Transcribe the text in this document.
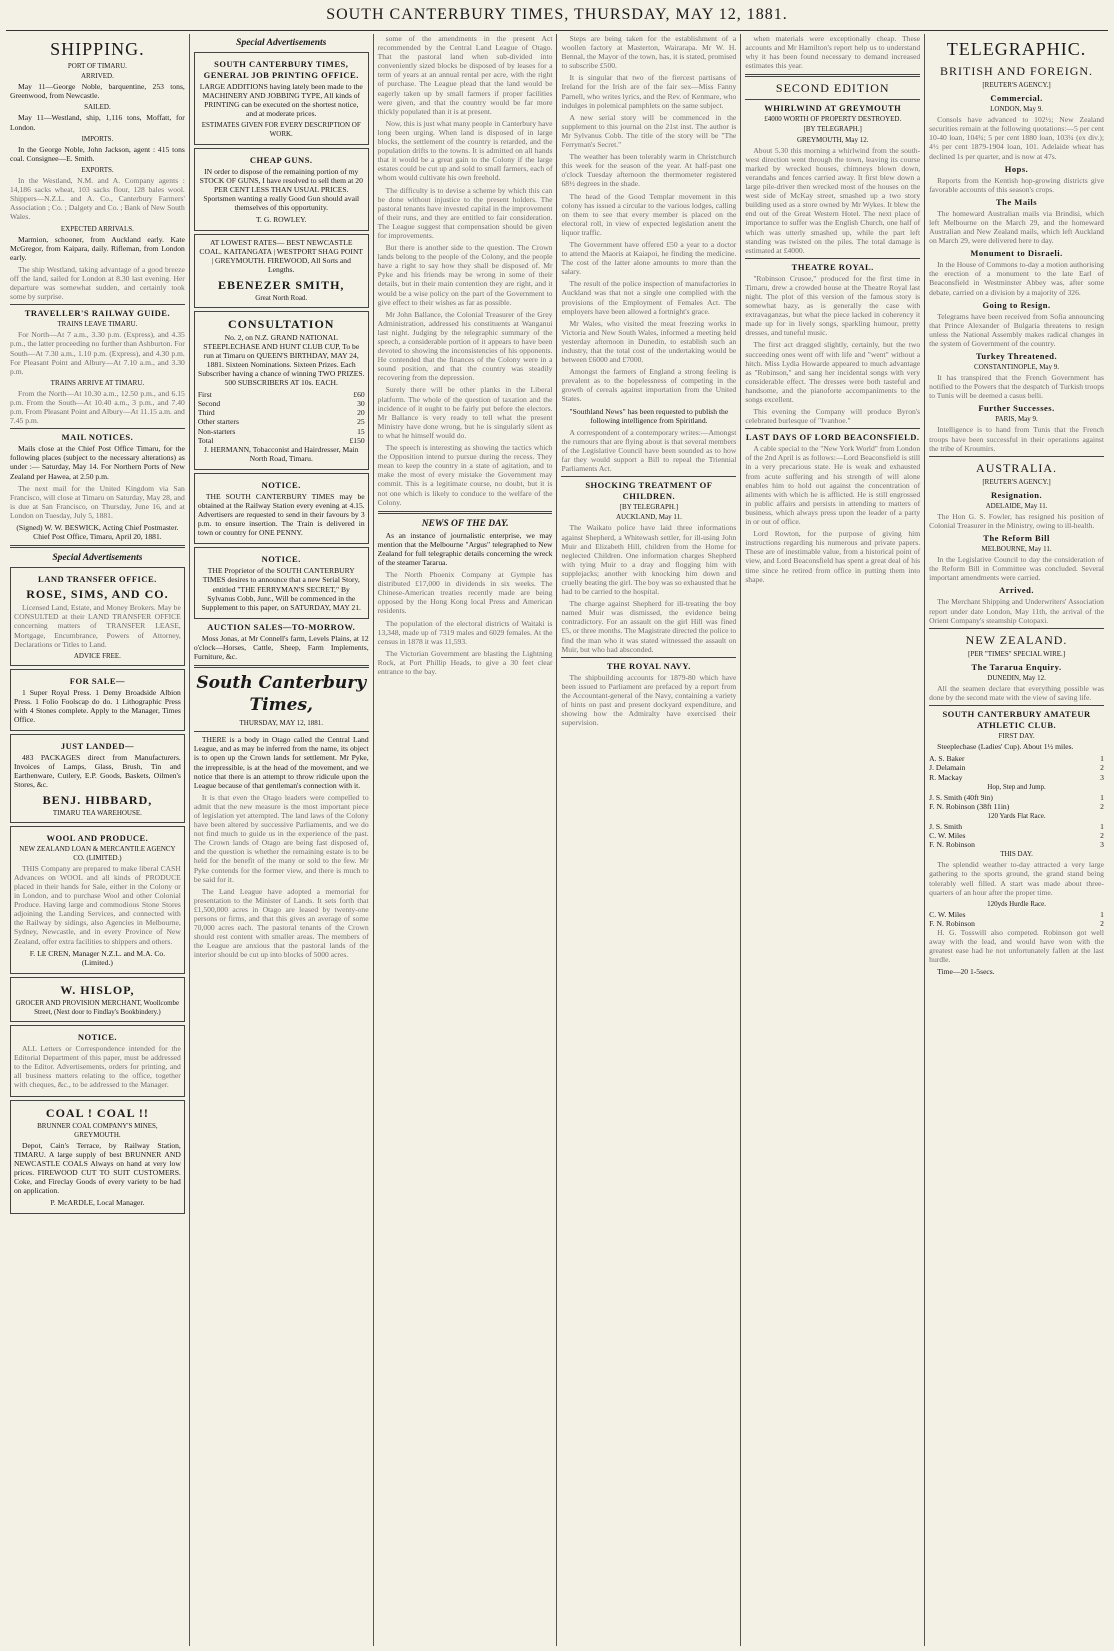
SOUTH CANTERBURY TIMES, THURSDAY, MAY 12, 1881.
SHIPPING.
PORT OF TIMARU.
ARRIVED.

May 11—George Noble, barquentine, 253 tons, Greenwood, from Newcastle.

SAILED.

May 11—Westland, ship, 1,116 tons, Moffatt, for London.

IMPORTS.

In the George Noble, John Jackson, agent : 415 tons coal. Consignee—E. Smith.

EXPORTS.

In the Westland, N.M. and A. Company agents : 14,186 sacks wheat, 103 sacks flour, 128 bales wool. Shippers—N.Z.L. and A. Co., Canterbury Farmers' Association ; Co. ; Dalgety and Co. ; Bank of New South Wales.

EXPECTED ARRIVALS.

Marmion, schooner, from Auckland early. Kate McGregor, from Kaipara, daily. Rifleman, from London early.

The ship Westland, taking advantage of a good breeze off the land, sailed for London at 8.30 last evening. Her departure was somewhat sudden, and certainly took some by surprise.

TRAVELLER'S RAILWAY GUIDE.
TRAINS LEAVE TIMARU.

For North—At 7 a.m., 3.30 p.m. (Express), and 4.35 p.m., the latter proceeding no further than Ashburton. For South—At 7.30 a.m., 1.10 p.m. (Express), and 4.30 p.m. For Pleasant Point and Albury—At 7.10 a.m., and 3.30 p.m.

TRAINS ARRIVE AT TIMARU.

From the North—At 10.30 a.m., 12.50 p.m., and 6.15 p.m. From the South—At 10.40 a.m., 3 p.m., and 7.40 p.m. From Pleasant Point and Albury—At 11.15 a.m. and 7.45 p.m.

MAIL NOTICES.

Mails close at the Chief Post Office Timaru, for the following places (subject to the necessary alterations) as under :— Saturday, May 14. For Northern Ports of New Zealand per Hawea, at 2.50 p.m.

The next mail for the United Kingdom via San Francisco, will close at Timaru on Saturday, May 28, and is due at San Francisco, on Thursday, June 16, and at London on Tuesday, July 5, 1881.

(Signed) W. W. BESWICK, Acting Chief Postmaster. Chief Post Office, Timaru, April 20, 1881.

Special Advertisements
LAND TRANSFER OFFICE.
ROSE, SIMS, AND CO.

Licensed Land, Estate, and Money Brokers. May be CONSULTED at their LAND TRANSFER OFFICE concerning matters of TRANSFER LEASE, Mortgage, Encumbrance, Powers of Attorney, Declarations or Titles to Land.

ADVICE FREE.
FOR SALE—

1 Super Royal Press. 1 Demy Broadside Albion Press. 1 Folio Foolscap do do. 1 Lithographic Press with 4 Stones complete. Apply to the Manager, Times Office.

JUST LANDED—

483 PACKAGES direct from Manufacturers. Invoices of Lamps, Glass, Brush, Tin and Earthenware, Cutlery, E.P. Goods, Baskets, Oilmen's Stores, &c.

BENJ. HIBBARD,
TIMARU TEA WAREHOUSE.
WOOL AND PRODUCE.
NEW ZEALAND LOAN & MERCANTILE AGENCY CO. (LIMITED.)

THIS Company are prepared to make liberal CASH Advances on WOOL and all kinds of PRODUCE placed in their hands for Sale, either in the Colony or in London, and to purchase Wool and other Colonial Produce. Having large and commodious Stone Stores adjoining the Landing Services, and connected with the Railway by sidings, also Agencies in Melbourne, Sydney, Newcastle, and in every Province of New Zealand, offer extra facilities to shippers and others.

F. LE CREN, Manager N.Z.L. and M.A. Co. (Limited.)

W. HISLOP,
GROCER AND PROVISION MERCHANT, Woollcombe Street, (Next door to Findlay's Bookbindery.)
NOTICE.

ALL Letters or Correspondence intended for the Editorial Department of this paper, must be addressed to the Editor. Advertisements, orders for printing, and all business matters relating to the office, together with cheques, &c., to be addressed to the Manager.

COAL ! COAL !!
BRUNNER COAL COMPANY'S MINES, GREYMOUTH.

Depot, Cain's Terrace, by Railway Station, TIMARU. A large supply of best BRUNNER AND NEWCASTLE COALS Always on hand at very low prices. FIREWOOD CUT TO SUIT CUSTOMERS. Coke, and Fireclay Goods of every variety to be had on application.

P. McARDLE, Local Manager.

Special Advertisements
SOUTH CANTERBURY TIMES, GENERAL JOB PRINTING OFFICE.

LARGE ADDITIONS having lately been made to the MACHINERY AND JOBBING TYPE, All kinds of PRINTING can be executed on the shortest notice, and at moderate prices.

ESTIMATES GIVEN FOR EVERY DESCRIPTION OF WORK.
CHEAP GUNS.

IN order to dispose of the remaining portion of my STOCK OF GUNS, I have resolved to sell them at 20 PER CENT LESS THAN USUAL PRICES. Sportsmen wanting a really Good Gun should avail themselves of this opportunity.

T. G. ROWLEY.

AT LOWEST RATES— BEST NEWCASTLE COAL. KAITANGATA | WESTPORT SHAG POINT | GREYMOUTH. FIREWOOD, All Sorts and Lengths.

EBENEZER SMITH,
Great North Road.
CONSULTATION

No. 2, on N.Z. GRAND NATIONAL STEEPLECHASE AND HUNT CLUB CUP, To be run at Timaru on QUEEN'S BIRTHDAY, MAY 24, 1881. Sixteen Nominations. Sixteen Prizes. Each Subscriber having a chance of winning TWO PRIZES. 500 SUBSCRIBERS AT 10s. EACH.

First	£60
Second	30
Third	20
Other starters	25
Non-starters	15
Total	£150

J. HERMANN, Tobacconist and Hairdresser, Main North Road, Timaru.

NOTICE.

THE SOUTH CANTERBURY TIMES may be obtained at the Railway Station every evening at 4.15. Advertisers are requested to send in their favours by 3 p.m. to ensure insertion. The Train is delivered in town or country for ONE PENNY.

NOTICE.

THE Proprietor of the SOUTH CANTERBURY TIMES desires to announce that a new Serial Story, entitled "THE FERRYMAN'S SECRET," By Sylvanus Cobb, Junr., Will be commenced in the Supplement to this paper, on SATURDAY, MAY 21.

AUCTION SALES—TO-MORROW.

Moss Jonas, at Mr Connell's farm, Levels Plains, at 12 o'clock—Horses, Cattle, Sheep, Farm Implements, Furniture, &c.

South Canterbury Times,
THURSDAY, MAY 12, 1881.

THERE is a body in Otago called the Central Land League, and as may be inferred from the name, its object is to open up the Crown lands for settlement. Mr Pyke, the irrepressible, is at the head of the movement, and we notice that there is an attempt to throw ridicule upon the League because of that gentleman's connection with it.

It is that even the Otago leaders were compelled to admit that the new measure is the most important piece of legislation yet attempted. The land laws of the Colony have been altered by successive Parliaments, and we do not find much to guide us in the experience of the past. The Crown lands of Otago are being fast disposed of, and the question is whether the remaining estate is to be held for the benefit of the many or sold to the few. Mr Pyke contends for the former view, and there is much to be said for it.

The Land League have adopted a memorial for presentation to the Minister of Lands. It sets forth that £1,500,000 acres in Otago are leased by twenty-one persons or firms, and that this gives an average of some 70,000 acres each. The pastoral tenants of the Crown should rest content with smaller areas. The members of the League are anxious that the pastoral lands of the interior should be cut up into blocks of 5000 acres.

some of the amendments in the present Act recommended by the Central Land League of Otago. That the pastoral land when sub-divided into conveniently sized blocks be disposed of by leases for a term of years at an annual rental per acre, with the right of purchase. The League plead that the land would be eagerly taken up by small farmers if proper facilities were given, and that the country would be far more thickly populated than it is at present.

Now, this is just what many people in Canterbury have long been urging. When land is disposed of in large blocks, the settlement of the country is retarded, and the population drifts to the towns. It is admitted on all hands that it would be a great gain to the Colony if the large estates could be cut up and sold to small farmers, each of whom would cultivate his own freehold.

The difficulty is to devise a scheme by which this can be done without injustice to the present holders. The pastoral tenants have invested capital in the improvement of their runs, and they are entitled to fair consideration. The League suggest that compensation should be given for improvements.

But there is another side to the question. The Crown lands belong to the people of the Colony, and the people have a right to say how they shall be disposed of. Mr Pyke and his friends may be wrong in some of their details, but in their main contention they are right, and it would be a wise policy on the part of the Government to give effect to their wishes as far as possible.

Mr John Ballance, the Colonial Treasurer of the Grey Administration, addressed his constituents at Wanganui last night. Judging by the telegraphic summary of the speech, a considerable portion of it appears to have been devoted to showing the inconsistencies of his opponents. He contended that the finances of the Colony were in a sound position, and that the country was steadily recovering from the depression.

Surely there will be other planks in the Liberal platform. The whole of the question of taxation and the incidence of it ought to be fairly put before the electors. Mr Ballance is very ready to tell what the present Ministry have done wrong, but he is singularly silent as to what he himself would do.

The speech is interesting as showing the tactics which the Opposition intend to pursue during the recess. They mean to keep the country in a state of agitation, and to make the most of every mistake the Government may commit. This is a legitimate course, no doubt, but it is not one which is likely to conduce to the welfare of the Colony.

NEWS OF THE DAY.

As an instance of journalistic enterprise, we may mention that the Melbourne "Argus" telegraphed to New Zealand for full telegraphic details concerning the wreck of the steamer Tararua.

The North Phoenix Company at Gympie has distributed £17,000 in dividends in six weeks. The Chinese-American treaties recently made are being opposed by the Hong Kong local Press and American residents.

The population of the electoral districts of Waitaki is 13,348, made up of 7319 males and 6029 females. At the census in 1878 it was 11,593.

The Victorian Government are blasting the Lightning Rock, at Port Phillip Heads, to give a 30 feet clear entrance to the bay.

Steps are being taken for the establishment of a woollen factory at Masterton, Wairarapa. Mr W. H. Bennal, the Mayor of the town, has, it is stated, promised to subscribe £500.

It is singular that two of the fiercest partisans of Ireland for the Irish are of the fair sex—Miss Fanny Parnell, who writes lyrics, and the Rev. of Kenmare, who indulges in polemical pamphlets on the same subject.

A new serial story will be commenced in the supplement to this journal on the 21st inst. The author is Mr Sylvanus Cobb. The title of the story will be "The Ferryman's Secret."

The weather has been tolerably warm in Christchurch this week for the season of the year. At half-past one o'clock Tuesday afternoon the thermometer registered 68½ degrees in the shade.

The head of the Good Templar movement in this colony has issued a circular to the various lodges, calling on them to see that every member is placed on the electoral roll, in view of expected legislation anent the liquor traffic.

The Government have offered £50 a year to a doctor to attend the Maoris at Kaiapoi, he finding the medicine. The cost of the latter alone amounts to more than the salary.

The result of the police inspection of manufactories in Auckland was that not a single one complied with the provisions of the Employment of Females Act. The employers have been allowed a fortnight's grace.

Mr Wales, who visited the meat freezing works in Victoria and New South Wales, informed a meeting held yesterday afternoon in Dunedin, to establish such an industry, that the total cost of the undertaking would be between £6000 and £7000.

Amongst the farmers of England a strong feeling is prevalent as to the hopelessness of competing in the growth of cereals against importation from the United States.

"Southland News" has been requested to publish the following intelligence from Spiritland.

A correspondent of a contemporary writes:—Amongst the rumours that are flying about is that several members of the Legislative Council have been sounded as to how far they would support a Bill to repeal the Triennial Parliaments Act.

SHOCKING TREATMENT OF CHILDREN.
[BY TELEGRAPH.]
AUCKLAND, May 11.

The Waikato police have laid three informations against Shepherd, a Whitewash settler, for ill-using John Muir and Elizabeth Hill, children from the Home for neglected Children. One information charges Shepherd with tying Muir to a dray and flogging him with supplejacks; another with knocking him down and cruelly beating the girl. The boy was so exhausted that he had to be carried to the hospital.

The charge against Shepherd for ill-treating the boy named Muir was dismissed, the evidence being contradictory. For an assault on the girl Hill was fined £5, or three months. The Magistrate directed the police to find the man who it was stated witnessed the assault on Muir, but who had absconded.

THE ROYAL NAVY.

The shipbuilding accounts for 1879-80 which have been issued to Parliament are prefaced by a report from the Accountant-general of the Navy, containing a variety of hints on past and present dockyard expenditure, and showing how the Admiralty have exercised their supervision.

when materials were exceptionally cheap. These accounts and Mr Hamilton's report help us to understand why it has been found necessary to demand increased estimates this year.

SECOND EDITION
WHIRLWIND AT GREYMOUTH
£4000 WORTH OF PROPERTY DESTROYED.
[BY TELEGRAPH.]
GREYMOUTH, May 12.

About 5.30 this morning a whirlwind from the south-west direction went through the town, leaving its course marked by wrecked houses, chimneys blown down, verandahs and fences carried away. It first blew down a large pile-driver then wrecked most of the houses on the west side of McKay street, smashed up a two story building used as a store owned by Mr Wykes. It blew the end out of the Great Western Hotel. The next place of importance to suffer was the English Church, one half of which was utterly smashed up, while the part left standing was twisted on the piles. The total damage is estimated at £4000.

THEATRE ROYAL.

"Robinson Crusoe," produced for the first time in Timaru, drew a crowded house at the Theatre Royal last night. The plot of this version of the famous story is somewhat hazy, as is generally the case with extravaganzas, but what the piece lacked in coherency it made up for in lively songs, sparkling humour, pretty dresses, and tuneful music.

The first act dragged slightly, certainly, but the two succeeding ones went off with life and "went" without a hitch. Miss Lydia Howarde appeared to much advantage as "Robinson," and sang her incidental songs with very considerable effect. The dresses were both tasteful and handsome, and the pianoforte accompaniments to the songs excellent.

This evening the Company will produce Byron's celebrated burlesque of "Ivanhoe."

LAST DAYS OF LORD BEACONSFIELD.

A cable special to the "New York World" from London of the 2nd April is as follows:—Lord Beaconsfield is still in a very precarious state. He is weak and exhausted from acute suffering and his strength of will alone enables him to hold out against the concentration of ailments with which he is afflicted. He is still engrossed in public affairs and persists in attending to matters of business, which always press upon the leader of a party in or out of office.

Lord Rowton, for the purpose of giving him instructions regarding his numerous and private papers. These are of inestimable value, from a historical point of view, and Lord Beaconsfield has spent a great deal of his time since he retired from office in putting them into shape.

TELEGRAPHIC.
BRITISH AND FOREIGN.
[REUTER'S AGENCY.]
Commercial.
LONDON, May 9.

Consols have advanced to 102½; New Zealand securities remain at the following quotations:—5 per cent 10-40 loan, 104¾; 5 per cent 1880 loan, 103¼ (ex div.); 4½ per cent 1879-1904 loan, 101. Adelaide wheat has declined 1s per quarter, and is now at 47s.

Hops.

Reports from the Kentish hop-growing districts give favorable accounts of this season's crops.

The Mails

The homeward Australian mails via Brindisi, which left Melbourne on the March 29, and the homeward Australian and New Zealand mails, which left Auckland on March 29, were delivered here to day.

Monument to Disraeli.

In the House of Commons to-day a motion authorising the erection of a monument to the late Earl of Beaconsfield in Westminster Abbey was, after some debate, carried on a division by a majority of 326.

Going to Resign.

Telegrams have been received from Sofia announcing that Prince Alexander of Bulgaria threatens to resign unless the National Assembly makes radical changes in the system of Government of the country.

Turkey Threatened.
CONSTANTINOPLE, May 9.

It has transpired that the French Government has notified to the Powers that the despatch of Turkish troops to Tunis will be deemed a casus belli.

Further Successes.
PARIS, May 9.

Intelligence is to hand from Tunis that the French troops have been successful in their operations against the tribe of Kroumirs.

AUSTRALIA.
[REUTER'S AGENCY.]
Resignation.
ADELAIDE, May 11.

The Hon G. S. Fowler, has resigned his position of Colonial Treasurer in the Ministry, owing to ill-health.

The Reform Bill
MELBOURNE, May 11.

In the Legislative Council to day the consideration of the Reform Bill in Committee was concluded. Several important amendments were carried.

Arrived.

The Merchant Shipping and Underwriters' Association report under date London, May 11th, the arrival of the Orient Company's steamship Cotopaxi.

NEW ZEALAND.
[PER "TIMES" SPECIAL WIRE.]
The Tararua Enquiry.
DUNEDIN, May 12.

All the seamen declare that everything possible was done by the second mate with the view of saving life.

SOUTH CANTERBURY AMATEUR ATHLETIC CLUB.
FIRST DAY.

Steeplechase (Ladies' Cup). About 1½ miles.

A. S. Baker	1
J. Delamain	2
R. Mackay	3
Hop, Step and Jump.
J. S. Smith (40ft 9in)	1
F. N. Robinson (38ft 11in)	2
120 Yards Flat Race.
J. S. Smith	1
C. W. Miles	2
F. N. Robinson	3
THIS DAY.

The splendid weather to-day attracted a very large gathering to the sports ground, the grand stand being tolerably well filled. A start was made about three-quarters of an hour after the proper time.

120yds Hurdle Race.
C. W. Miles	1
F. N. Robinson	2

H. G. Tosswill also competed. Robinson got well away with the lead, and would have won with the greatest ease had he not unfortunately fallen at the last hurdle.

Time—20 1-5secs.
